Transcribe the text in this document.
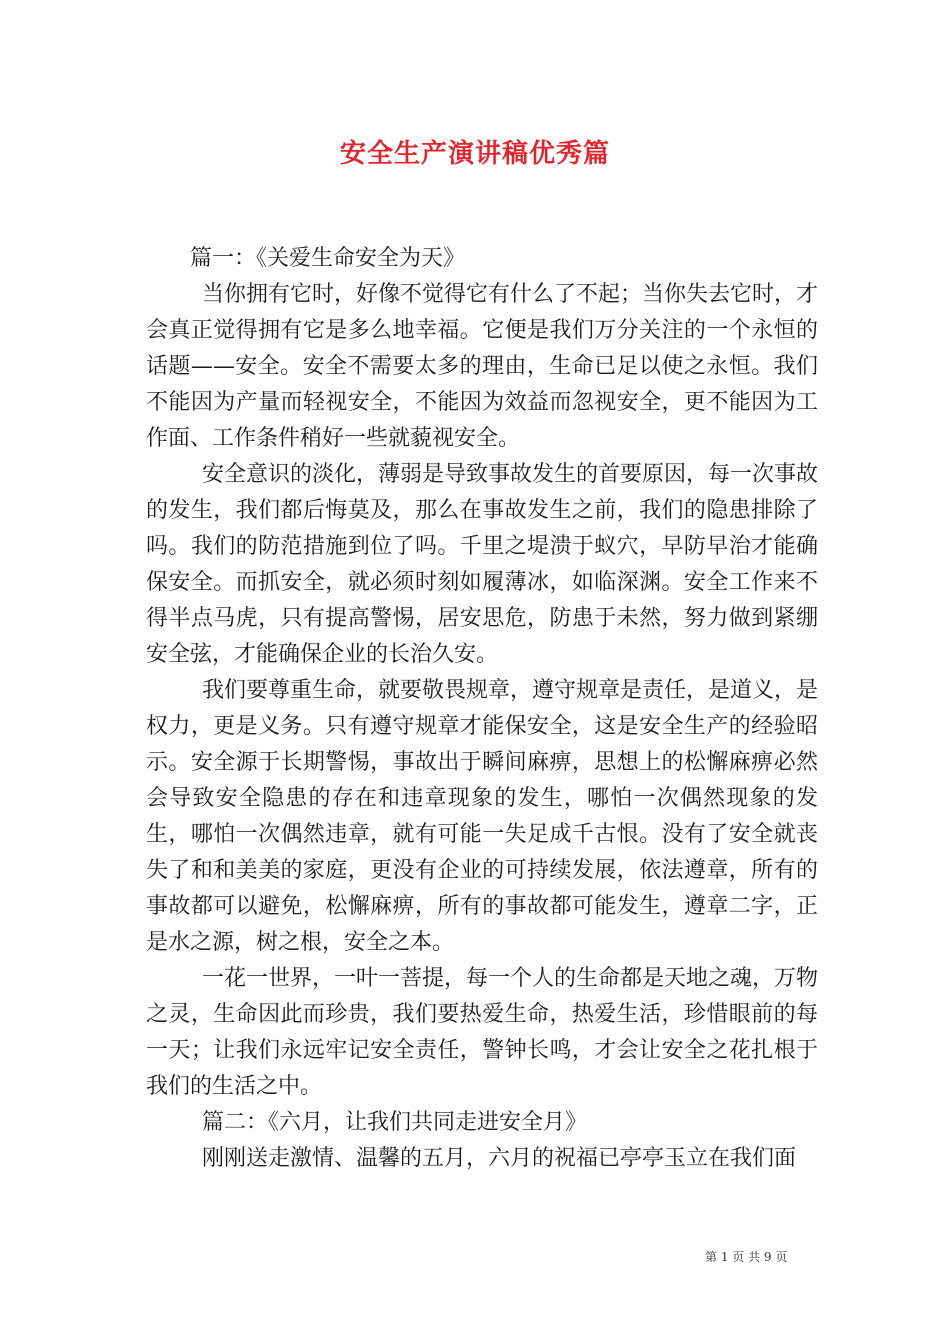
安全生产演讲稿优秀篇

篇一：《关爱生命安全为天》

当你拥有它时，好像不觉得它有什么了不起；当你失去它时，才会真正觉得拥有它是多么地幸福。它便是我们万分关注的一个永恒的话题——安全。安全不需要太多的理由，生命已足以使之永恒。我们不能因为产量而轻视安全，不能因为效益而忽视安全，更不能因为工作面、工作条件稍好一些就藐视安全。

安全意识的淡化，薄弱是导致事故发生的首要原因，每一次事故的发生，我们都后悔莫及，那么在事故发生之前，我们的隐患排除了吗。我们的防范措施到位了吗。千里之堤溃于蚁穴，早防早治才能确保安全。而抓安全，就必须时刻如履薄冰，如临深渊。安全工作来不得半点马虎，只有提高警惕，居安思危，防患于未然，努力做到紧绷安全弦，才能确保企业的长治久安。

我们要尊重生命，就要敬畏规章，遵守规章是责任，是道义，是权力，更是义务。只有遵守规章才能保安全，这是安全生产的经验昭示。安全源于长期警惕，事故出于瞬间麻痹，思想上的松懈麻痹必然会导致安全隐患的存在和违章现象的发生，哪怕一次偶然现象的发生，哪怕一次偶然违章，就有可能一失足成千古恨。没有了安全就丧失了和和美美的家庭，更没有企业的可持续发展，依法遵章，所有的事故都可以避免，松懈麻痹，所有的事故都可能发生，遵章二字，正是水之源，树之根，安全之本。

一花一世界，一叶一菩提，每一个人的生命都是天地之魂，万物之灵，生命因此而珍贵，我们要热爱生命，热爱生活，珍惜眼前的每一天；让我们永远牢记安全责任，警钟长鸣，才会让安全之花扎根于我们的生活之中。

篇二：《六月，让我们共同走进安全月》

刚刚送走激情、温馨的五月，六月的祝福已亭亭玉立在我们面

第 1 页 共 9 页
